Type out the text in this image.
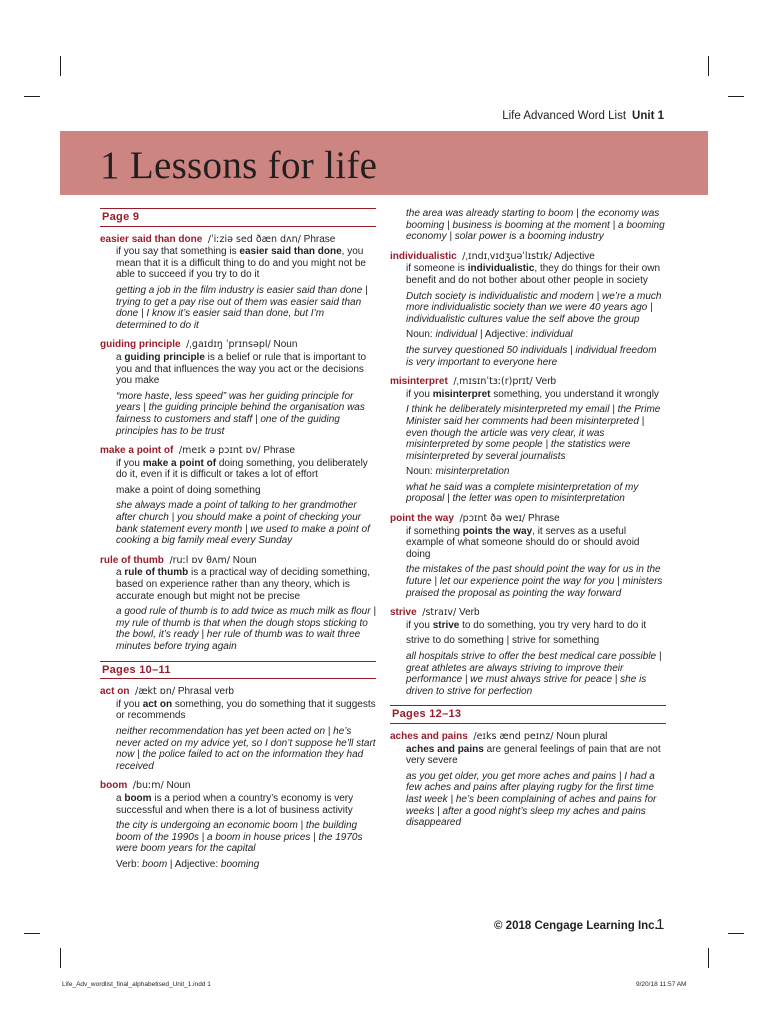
Life Advanced Word List Unit 1
1 Lessons for life
Page 9
easier said than done /ˈiːziə sed ðæn dʌn/ Phrase
if you say that something is easier said than done, you mean that it is a difficult thing to do and you might not be able to succeed if you try to do it
getting a job in the film industry is easier said than done | trying to get a pay rise out of them was easier said than done | I know it’s easier said than done, but I’m determined to do it
guiding principle /ˌɡaɪdɪŋ ˈprɪnsəpl/ Noun
a guiding principle is a belief or rule that is important to you and that influences the way you act or the decisions you make
“more haste, less speed” was her guiding principle for years | the guiding principle behind the organisation was fairness to customers and staff | one of the guiding principles has to be trust
make a point of /meɪk ə pɔɪnt ɒv/ Phrase
if you make a point of doing something, you deliberately do it, even if it is difficult or takes a lot of effort
make a point of doing something
she always made a point of talking to her grandmother after church | you should make a point of checking your bank statement every month | we used to make a point of cooking a big family meal every Sunday
rule of thumb /ruːl ɒv θʌm/ Noun
a rule of thumb is a practical way of deciding something, based on experience rather than any theory, which is accurate enough but might not be precise
a good rule of thumb is to add twice as much milk as flour | my rule of thumb is that when the dough stops sticking to the bowl, it’s ready | her rule of thumb was to wait three minutes before trying again
Pages 10–11
act on /ækt ɒn/ Phrasal verb
if you act on something, you do something that it suggests or recommends
neither recommendation has yet been acted on | he’s never acted on my advice yet, so I don’t suppose he’ll start now | the police failed to act on the information they had received
boom /buːm/ Noun
a boom is a period when a country’s economy is very successful and when there is a lot of business activity
the city is undergoing an economic boom | the building boom of the 1990s | a boom in house prices | the 1970s were boom years for the capital
Verb: boom | Adjective: booming
the area was already starting to boom | the economy was booming | business is booming at the moment | a booming economy | solar power is a booming industry
individualistic /ˌɪndɪˌvɪdʒuəˈlɪstɪk/ Adjective
if someone is individualistic, they do things for their own benefit and do not bother about other people in society
Dutch society is individualistic and modern | we’re a much more individualistic society than we were 40 years ago | individualistic cultures value the self above the group
Noun: individual | Adjective: individual
the survey questioned 50 individuals | individual freedom is very important to everyone here
misinterpret /ˌmɪsɪnˈtɜː(r)prɪt/ Verb
if you misinterpret something, you understand it wrongly
I think he deliberately misinterpreted my email | the Prime Minister said her comments had been misinterpreted | even though the article was very clear, it was misinterpreted by some people | the statistics were misinterpreted by several journalists
Noun: misinterpretation
what he said was a complete misinterpretation of my proposal | the letter was open to misinterpretation
point the way /pɔɪnt ðə weɪ/ Phrase
if something points the way, it serves as a useful example of what someone should do or should avoid doing
the mistakes of the past should point the way for us in the future | let our experience point the way for you | ministers praised the proposal as pointing the way forward
strive /straɪv/ Verb
if you strive to do something, you try very hard to do it
strive to do something | strive for something
all hospitals strive to offer the best medical care possible | great athletes are always striving to improve their performance | we must always strive for peace | she is driven to strive for perfection
Pages 12–13
aches and pains /eɪks ænd peɪnz/ Noun plural
aches and pains are general feelings of pain that are not very severe
as you get older, you get more aches and pains | I had a few aches and pains after playing rugby for the first time last week | he’s been complaining of aches and pains for weeks | after a good night’s sleep my aches and pains disappeared
© 2018 Cengage Learning Inc.
1
Life_Adv_wordlist_final_alphabetised_Unit_1.indd 1	9/20/18 11:57 AM
